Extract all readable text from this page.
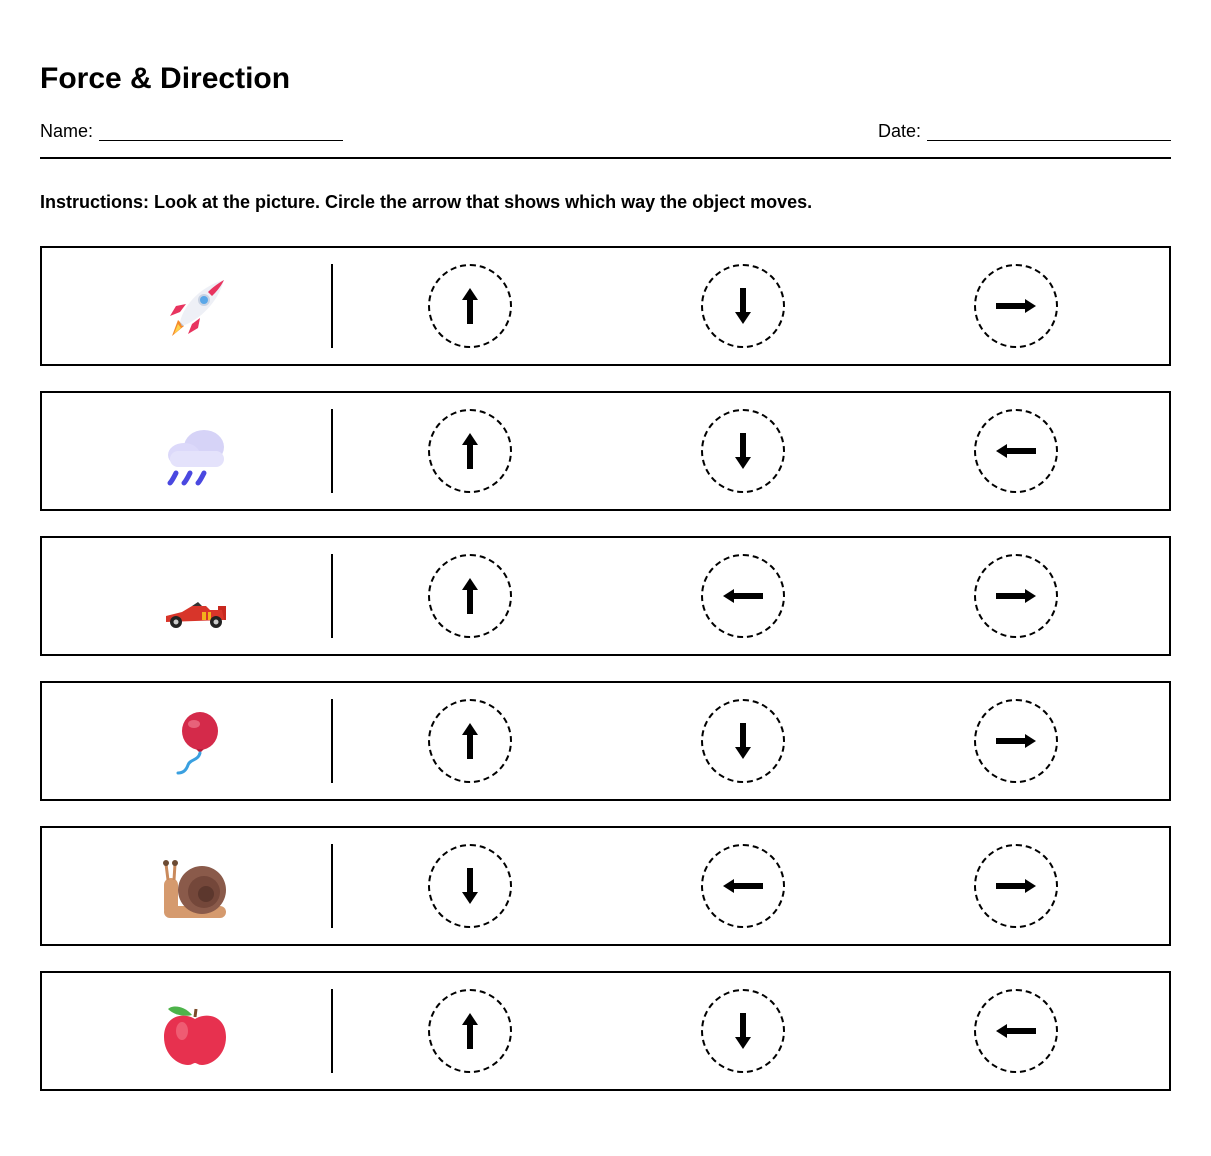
Force & Direction
Name:	Date:
Instructions: Look at the picture. Circle the arrow that shows which way the object moves.
